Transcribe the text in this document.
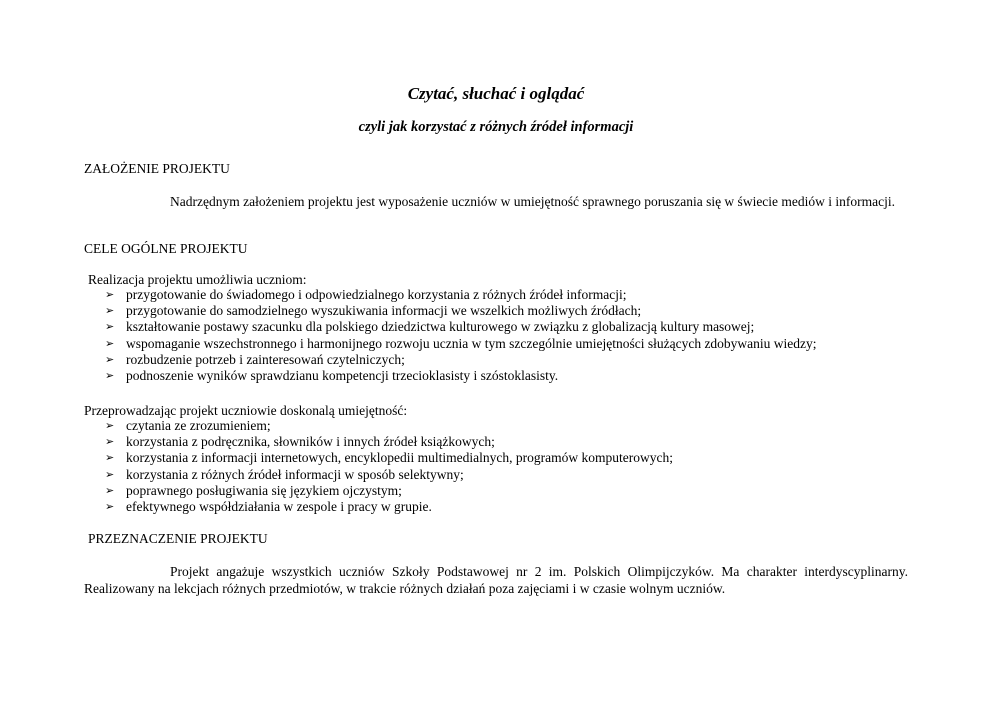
Czytać, słuchać i oglądać
czyli jak korzystać z różnych źródeł informacji
ZAŁOŻENIE PROJEKTU
Nadrzędnym założeniem projektu jest wyposażenie uczniów w umiejętność sprawnego poruszania się w świecie mediów i informacji.
CELE OGÓLNE PROJEKTU
Realizacja projektu umożliwia uczniom:
➢ przygotowanie do świadomego i odpowiedzialnego korzystania z różnych źródeł informacji;
➢ przygotowanie do samodzielnego wyszukiwania informacji we wszelkich możliwych źródłach;
➢ kształtowanie postawy szacunku dla polskiego dziedzictwa kulturowego w związku z globalizacją kultury masowej;
➢ wspomaganie wszechstronnego i harmonijnego rozwoju ucznia w tym szczególnie umiejętności służących zdobywaniu wiedzy;
➢ rozbudzenie potrzeb i zainteresowań czytelniczych;
➢ podnoszenie wyników sprawdzianu kompetencji trzecioklasisty i szóstoklasisty.
Przeprowadzając projekt uczniowie doskonalą umiejętność:
➢ czytania ze zrozumieniem;
➢ korzystania z podręcznika, słowników i innych źródeł książkowych;
➢ korzystania z informacji internetowych, encyklopedii multimedialnych, programów komputerowych;
➢ korzystania z różnych źródeł informacji w sposób selektywny;
➢ poprawnego posługiwania się językiem ojczystym;
➢ efektywnego współdziałania w zespole i pracy w grupie.
PRZEZNACZENIE PROJEKTU
Projekt angażuje wszystkich uczniów Szkoły Podstawowej nr 2 im. Polskich Olimpijczyków. Ma charakter interdyscyplinarny. Realizowany na lekcjach różnych przedmiotów, w trakcie różnych działań poza zajęciami i w czasie wolnym uczniów.
